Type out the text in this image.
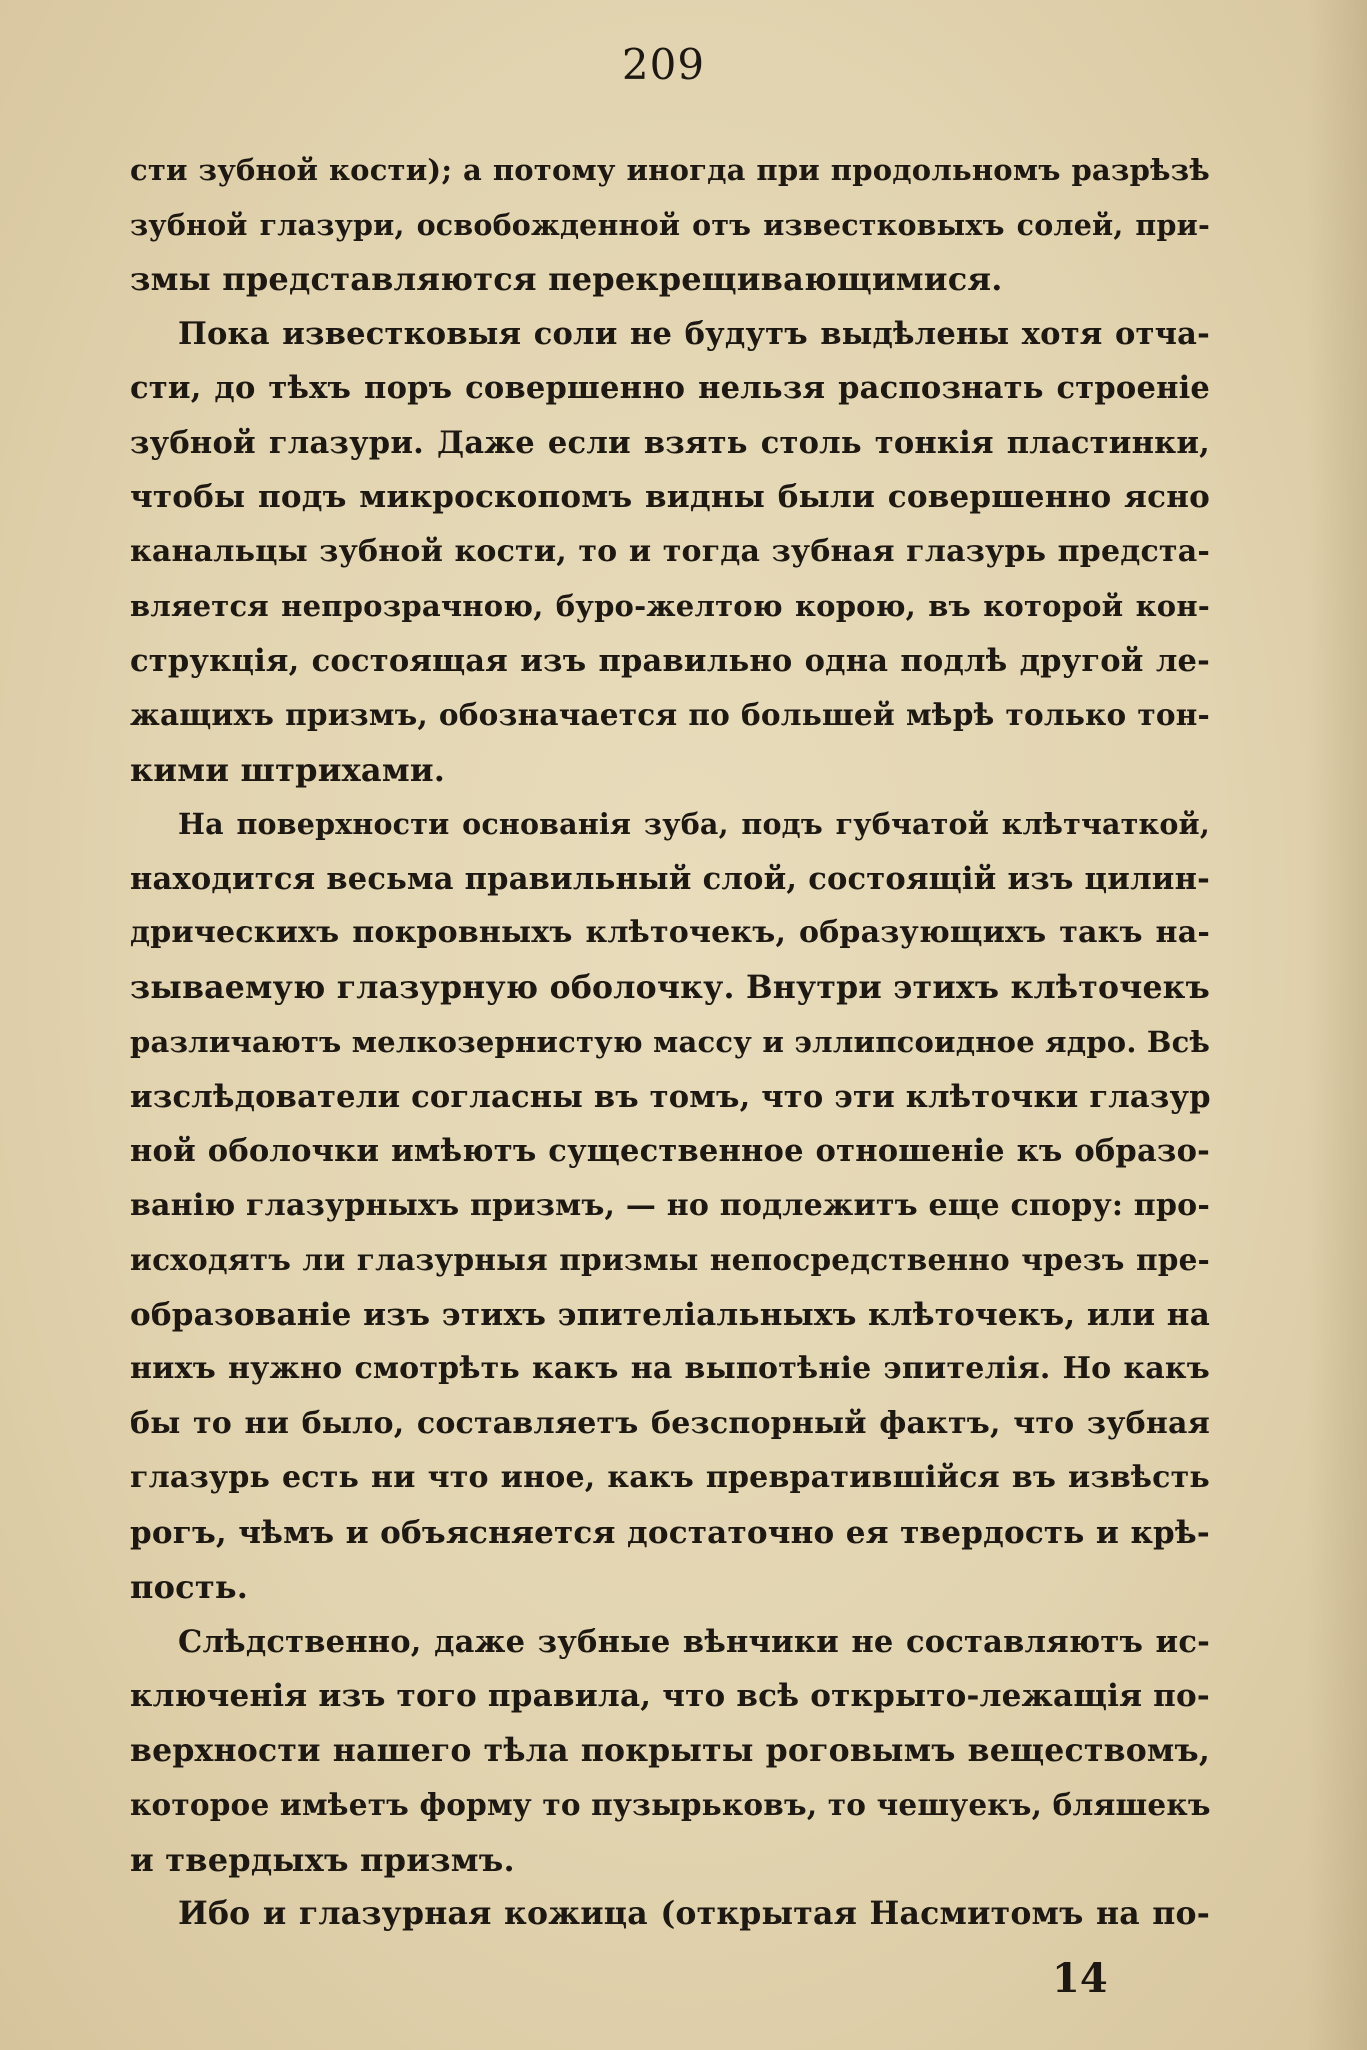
209
сти зубной кости); а потому иногда при продольномъ разрѣзѣ
зубной глазури, освобожденной отъ известковыхъ солей, при-
змы представляются перекрещивающимися.
Пока известковыя соли не будутъ выдѣлены хотя отча-
сти, до тѣхъ поръ совершенно нельзя распознать строеніе
зубной глазури. Даже если взять столь тонкія пластинки,
чтобы подъ микроскопомъ видны были совершенно ясно
канальцы зубной кости, то и тогда зубная глазурь предста-
вляется непрозрачною, буро-желтою корою, въ которой кон-
струкція, состоящая изъ правильно одна подлѣ другой ле-
жащихъ призмъ, обозначается по большей мѣрѣ только тон-
кими штрихами.
На поверхности основанія зуба, подъ губчатой клѣтчаткой,
находится весьма правильный слой, состоящій изъ цилин-
дрическихъ покровныхъ клѣточекъ, образующихъ такъ на-
зываемую глазурную оболочку. Внутри этихъ клѣточекъ
различаютъ мелкозернистую массу и эллипсоидное ядро. Всѣ
изслѣдователи согласны въ томъ, что эти клѣточки глазур
ной оболочки имѣютъ существенное отношеніе къ образо-
ванію глазурныхъ призмъ, — но подлежитъ еще спору: про-
исходятъ ли глазурныя призмы непосредственно чрезъ пре-
образованіе изъ этихъ эпителіальныхъ клѣточекъ, или на
нихъ нужно смотрѣть какъ на выпотѣніе эпителія. Но какъ
бы то ни было, составляетъ безспорный фактъ, что зубная
глазурь есть ни что иное, какъ превратившійся въ извѣсть
рогъ, чѣмъ и объясняется достаточно ея твердость и крѣ-
пость.
Слѣдственно, даже зубные вѣнчики не составляютъ ис-
ключенія изъ того правила, что всѣ открыто-лежащія по-
верхности нашего тѣла покрыты роговымъ веществомъ,
которое имѣетъ форму то пузырьковъ, то чешуекъ, бляшекъ
и твердыхъ призмъ.
Ибо и глазурная кожица (открытая Насмитомъ на по-
14
